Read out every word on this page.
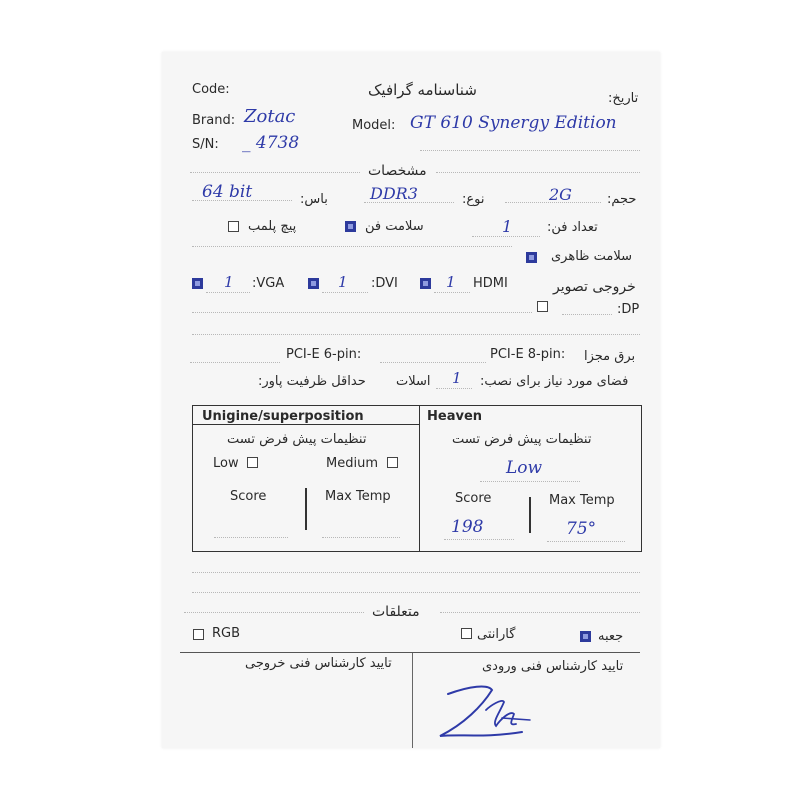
Code:	شناسنامه گرافیک	تاریخ:
Brand: Zotac	Model: GT 610 Synergy Edition
S/N: _ 4738
مشخصات
64 bit	باس:	DDR3	نوع:	2G	حجم:
پیچ پلمب	سلامت فن	1	تعداد فن:
سلامت ظاهری
1 :VGA	1 :DVI	1 HDMI	خروجی تصویر
:DP
PCI-E 6-pin:	PCI-E 8-pin: برق مجزا
حداقل ظرفیت پاور: اسلات 1 فضای مورد نیاز برای نصب:
Unigine/superposition
تنظیمات پیش فرض تست
Low	Medium
Score	Max Temp
Heaven
تنظیمات پیش فرض تست
Low
Score	Max Temp
198	75°
متعلقات
RGB	گارانتی	جعبه
تایید کارشناس فنی خروجی	تایید کارشناس فنی ورودی
